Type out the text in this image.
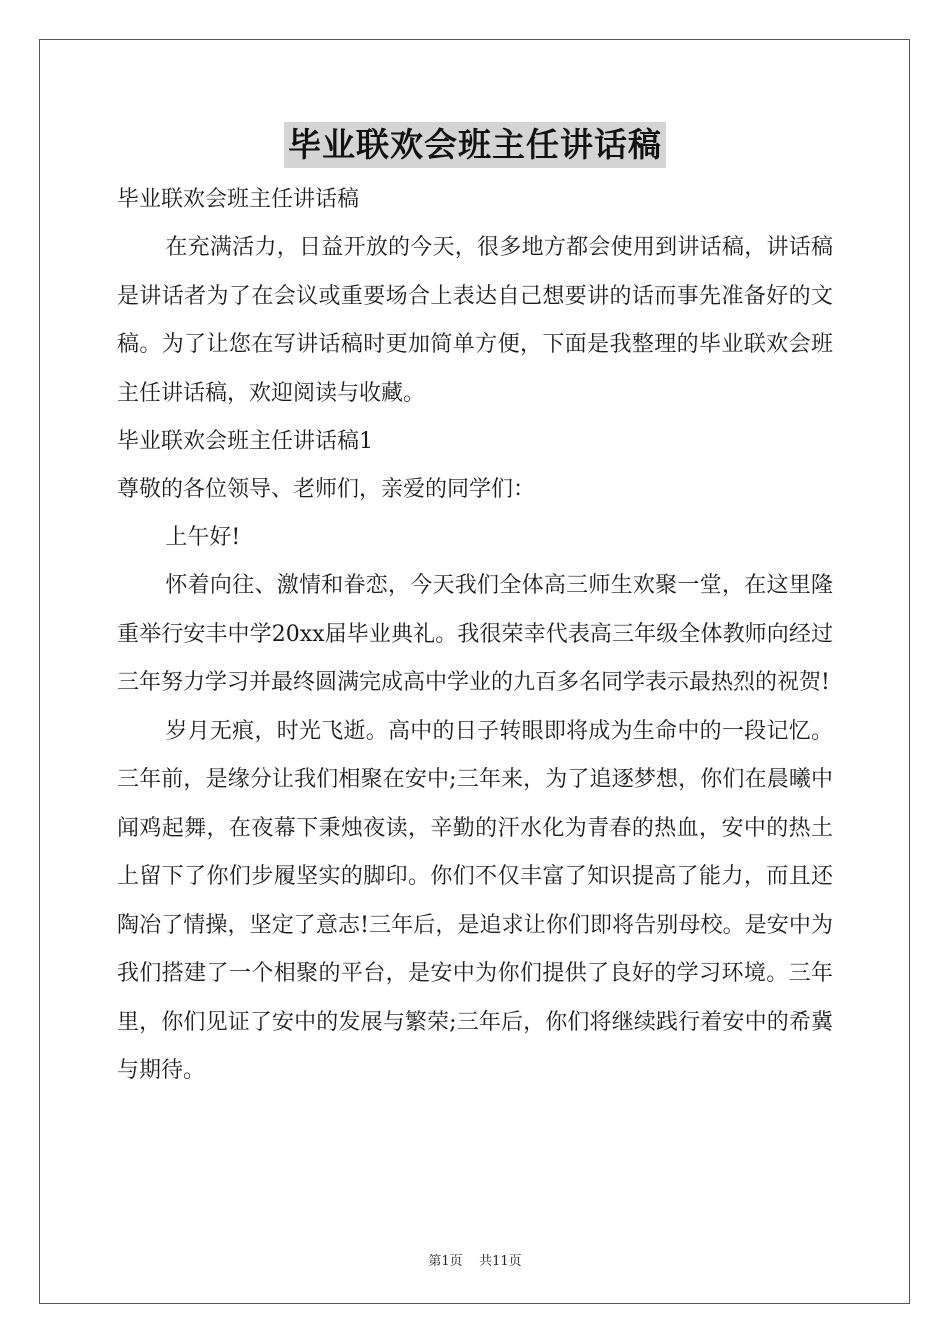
毕业联欢会班主任讲话稿

毕业联欢会班主任讲话稿

在充满活力，日益开放的今天，很多地方都会使用到讲话稿，讲话稿是讲话者为了在会议或重要场合上表达自己想要讲的话而事先准备好的文稿。为了让您在写讲话稿时更加简单方便，下面是我整理的毕业联欢会班主任讲话稿，欢迎阅读与收藏。

毕业联欢会班主任讲话稿1

尊敬的各位领导、老师们，亲爱的同学们：

上午好!

怀着向往、激情和眷恋，今天我们全体高三师生欢聚一堂，在这里隆重举行安丰中学20xx届毕业典礼。我很荣幸代表高三年级全体教师向经过三年努力学习并最终圆满完成高中学业的九百多名同学表示最热烈的祝贺!

岁月无痕，时光飞逝。高中的日子转眼即将成为生命中的一段记忆。三年前，是缘分让我们相聚在安中;三年来，为了追逐梦想，你们在晨曦中闻鸡起舞，在夜幕下秉烛夜读，辛勤的汗水化为青春的热血，安中的热土上留下了你们步履坚实的脚印。你们不仅丰富了知识提高了能力，而且还陶冶了情操，坚定了意志!三年后，是追求让你们即将告别母校。是安中为我们搭建了一个相聚的平台，是安中为你们提供了良好的学习环境。三年里，你们见证了安中的发展与繁荣;三年后，你们将继续践行着安中的希冀与期待。

第1页 共11页
